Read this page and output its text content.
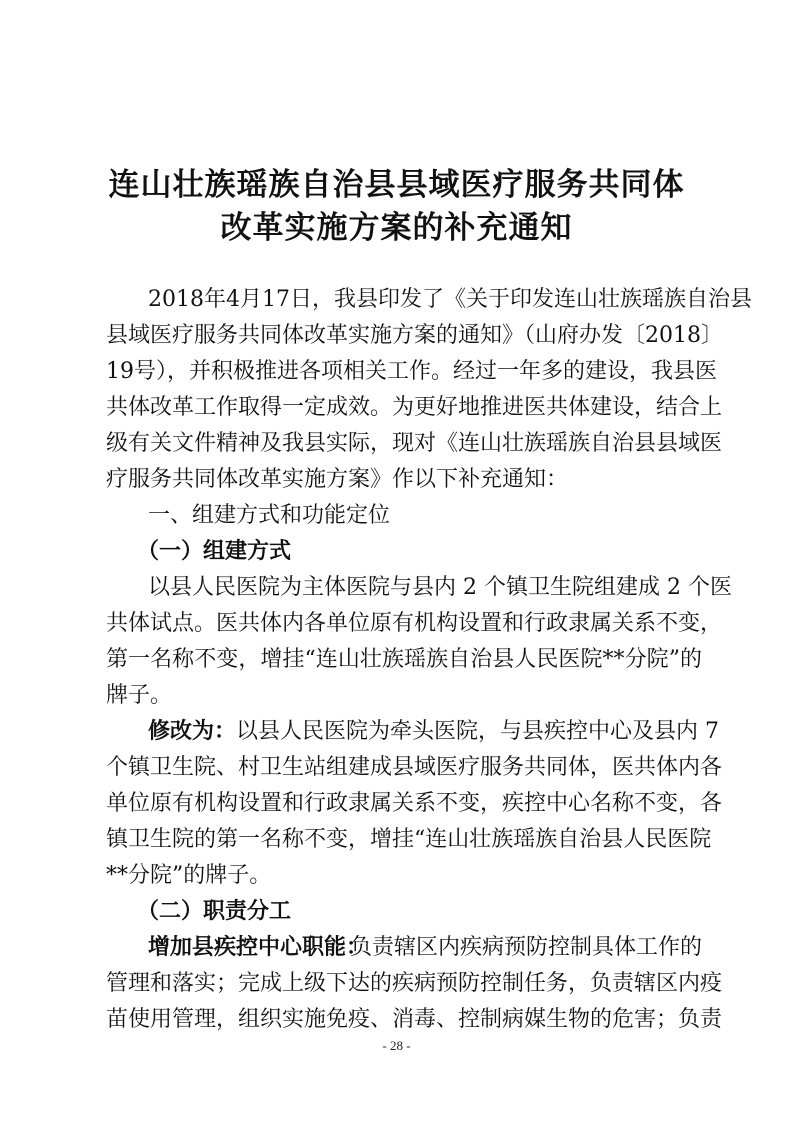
连山壮族瑶族自治县县域医疗服务共同体
改革实施方案的补充通知
2018年4月17日，我县印发了《关于印发连山壮族瑶族自治县
县域医疗服务共同体改革实施方案的通知》（山府办发〔2018〕
19号），并积极推进各项相关工作。经过一年多的建设，我县医
共体改革工作取得一定成效。为更好地推进医共体建设，结合上
级有关文件精神及我县实际，现对《连山壮族瑶族自治县县域医
疗服务共同体改革实施方案》作以下补充通知：
一、组建方式和功能定位
（一）组建方式
以县人民医院为主体医院与县内 2 个镇卫生院组建成 2 个医
共体试点。医共体内各单位原有机构设置和行政隶属关系不变，
第一名称不变，增挂“连山壮族瑶族自治县人民医院**分院”的
牌子。
修改为： 以县人民医院为牵头医院，与县疾控中心及县内 7
个镇卫生院、村卫生站组建成县域医疗服务共同体，医共体内各
单位原有机构设置和行政隶属关系不变，疾控中心名称不变，各
镇卫生院的第一名称不变，增挂“连山壮族瑶族自治县人民医院
**分院”的牌子。
（二）职责分工
增加县疾控中心职能：
负责辖区内疾病预防控制具体工作的
管理和落实；完成上级下达的疾病预防控制任务，负责辖区内疫
苗使用管理，组织实施免疫、消毒、控制病媒生物的危害；负责
- 28 -
